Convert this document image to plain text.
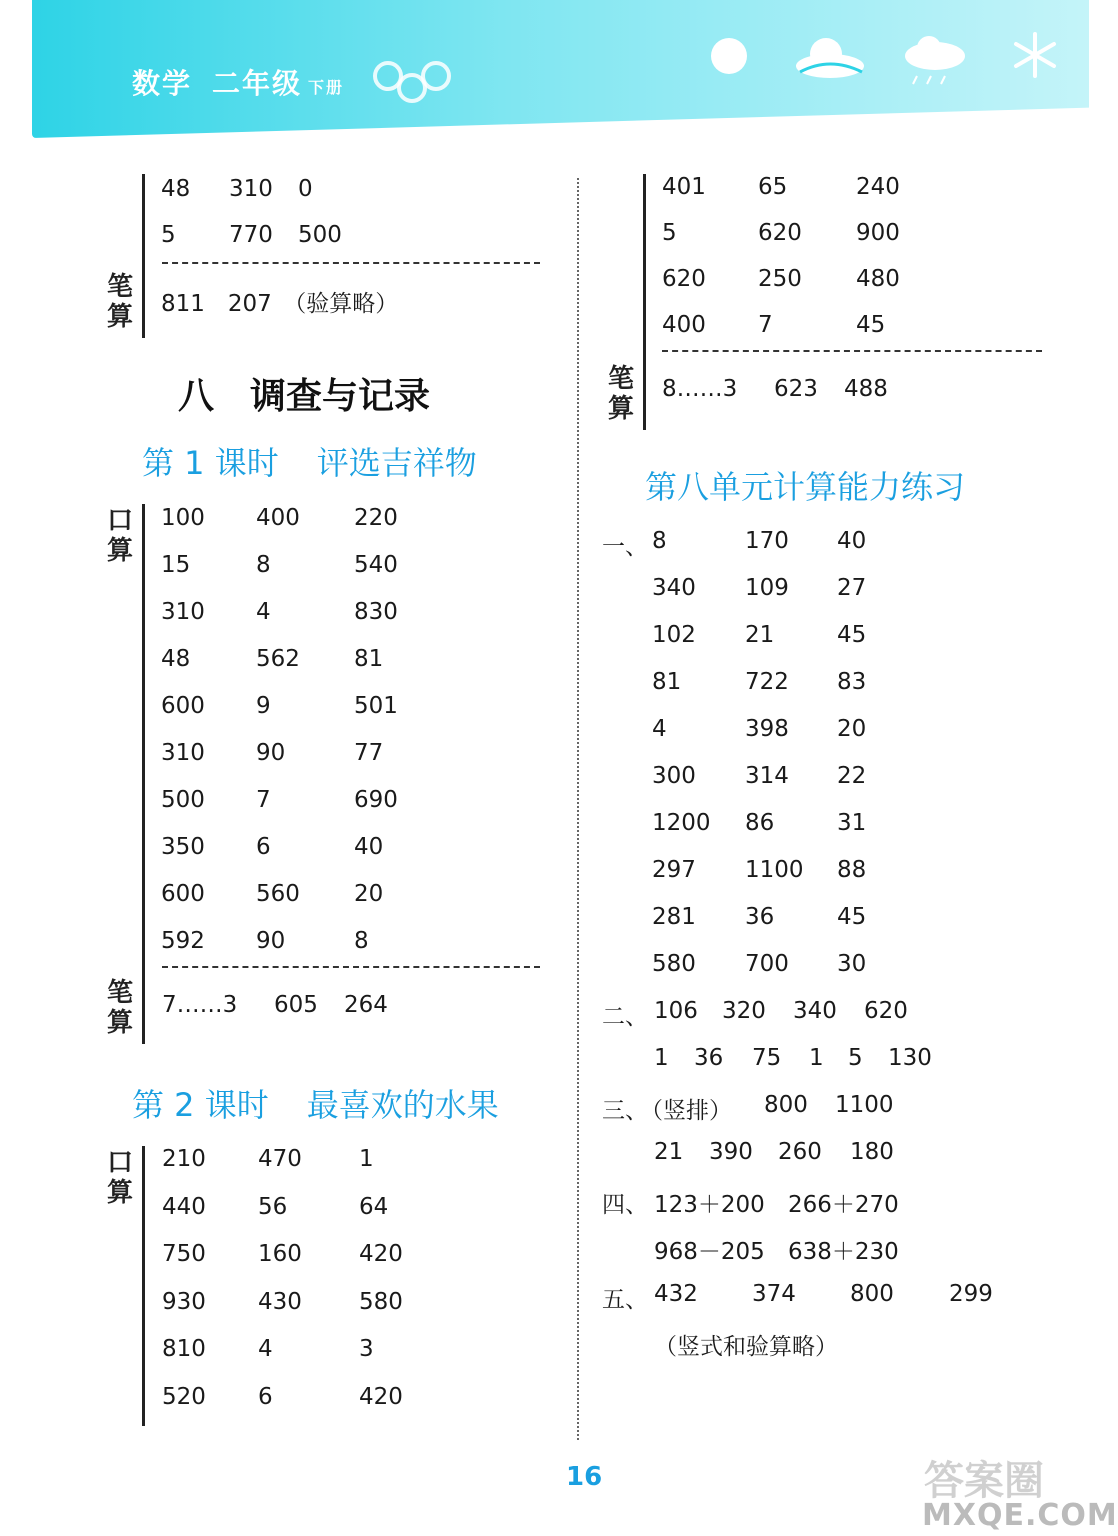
数学 二年级 下册
笔算
48 310 0
5 770 500
811　207　（验算略）
八　调查与记录
第 1 课时 评选吉祥物
口算
笔算
100 400 220
15	8	540
310 4	830
48	562 81
600 9	501
310 90	77
500 7	690
350 6	40
600 560 20
592 90	8
7……3 605 264
第 2 课时 最喜欢的水果
口算
210 470 1
440 56	64
750 160 420
930 430 580
810 4	3
520 6	420
笔算
401 65	240
5	620 900
620 250 480
400 7	45
8……3 623 488
第八单元计算能力练习
一、 8	170 40
340 109 27
102 21	45
81	722 83
4	398 20
300 314 22
1200 86	31
297 1100 88
281 36	45
580 700 30
二、 106 320 340 620
1 36 75 1 5 130
三、
（竖排） 800 1100
21 390 260 180
四、 123＋200 266＋270
968－205 638＋230
五、 432 374 800 299
（竖式和验算略）
16	答案圈
MXQE.COM
